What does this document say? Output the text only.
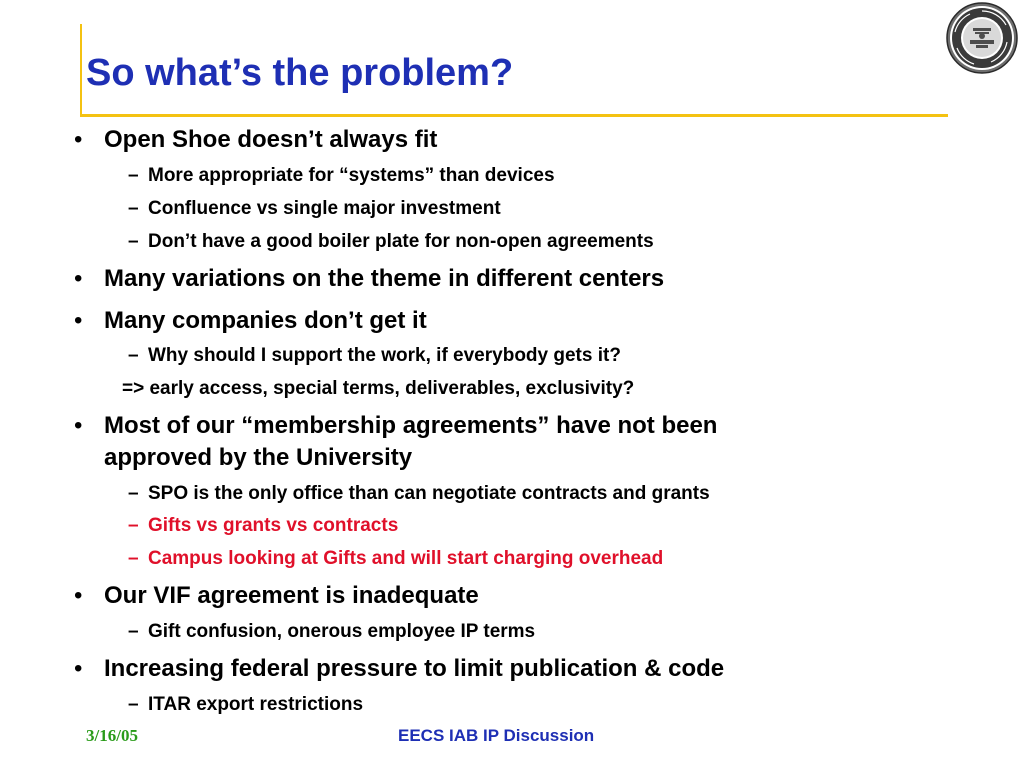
So what’s the problem?
• Open Shoe doesn’t always fit
– More appropriate for “systems” than devices
– Confluence vs single major investment
– Don’t have a good boiler plate for non-open agreements
• Many variations on the theme in different centers
• Many companies don’t get it
– Why should I support the work, if everybody gets it?
=> early access, special terms, deliverables, exclusivity?
• Most of our “membership agreements” have not been
approved by the University
– SPO is the only office than can negotiate contracts and grants
– Gifts vs grants vs contracts
– Campus looking at Gifts and will start charging overhead
• Our VIF agreement is inadequate
– Gift confusion, onerous employee IP terms
• Increasing federal pressure to limit publication & code
– ITAR export restrictions
3/16/05	EECS IAB IP Discussion
